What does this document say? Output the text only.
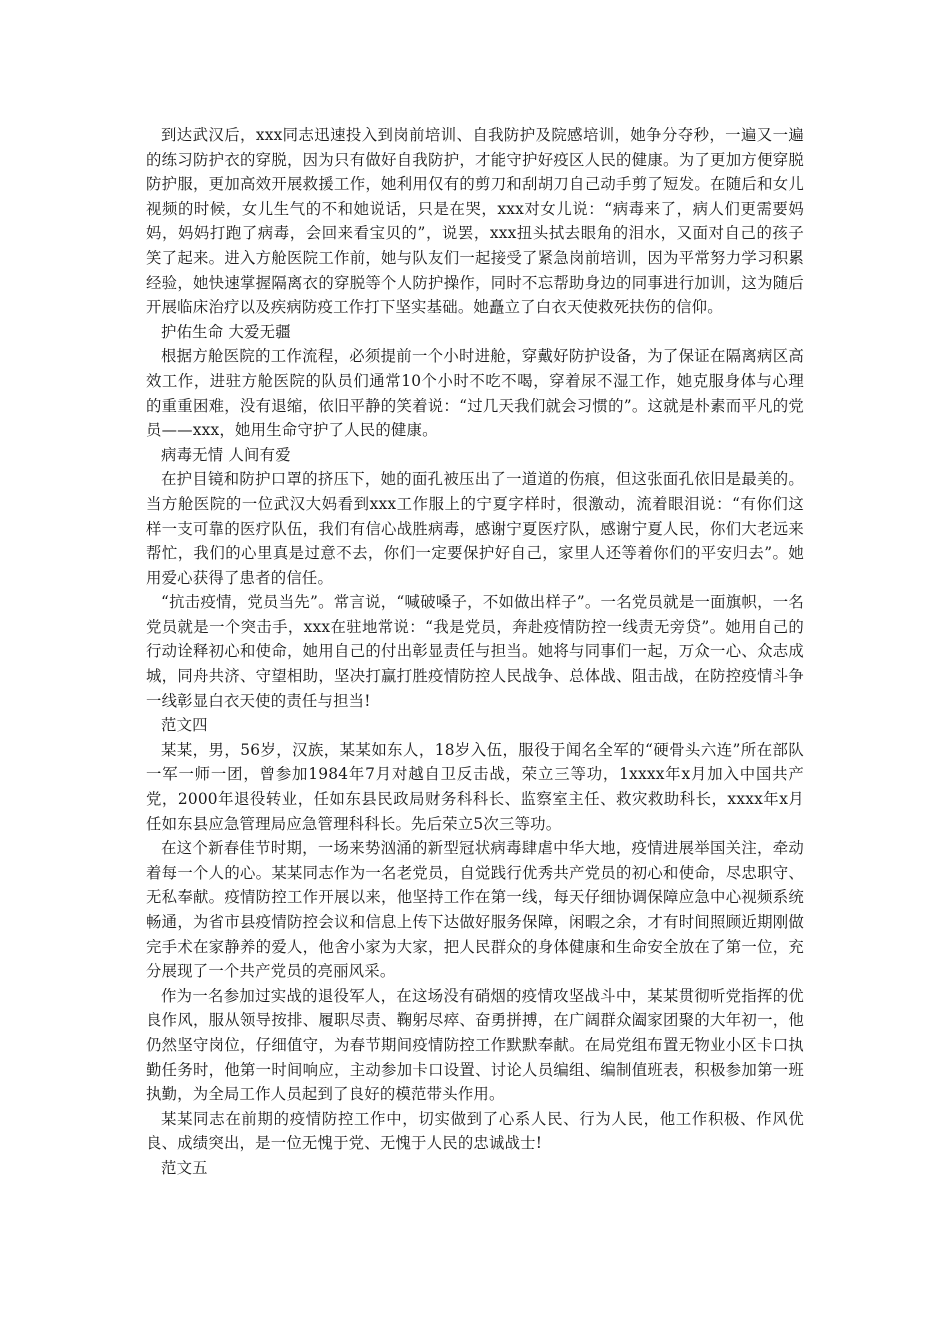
到达武汉后，xxx同志迅速投入到岗前培训、自我防护及院感培训，她争分夺秒，一遍又一遍的练习防护衣的穿脱，因为只有做好自我防护，才能守护好疫区人民的健康。为了更加方便穿脱防护服，更加高效开展救援工作，她利用仅有的剪刀和刮胡刀自己动手剪了短发。在随后和女儿视频的时候，女儿生气的不和她说话，只是在哭，xxx对女儿说：“病毒来了，病人们更需要妈妈，妈妈打跑了病毒，会回来看宝贝的”，说罢，xxx扭头拭去眼角的泪水，又面对自己的孩子笑了起来。进入方舱医院工作前，她与队友们一起接受了紧急岗前培训，因为平常努力学习积累经验，她快速掌握隔离衣的穿脱等个人防护操作，同时不忘帮助身边的同事进行加训，这为随后开展临床治疗以及疾病防疫工作打下坚实基础。她矗立了白衣天使救死扶伤的信仰。

护佑生命 大爱无疆

根据方舱医院的工作流程，必须提前一个小时进舱，穿戴好防护设备，为了保证在隔离病区高效工作，进驻方舱医院的队员们通常10个小时不吃不喝，穿着尿不湿工作，她克服身体与心理的重重困难，没有退缩，依旧平静的笑着说：“过几天我们就会习惯的”。这就是朴素而平凡的党员——xxx，她用生命守护了人民的健康。

病毒无情 人间有爱

在护目镜和防护口罩的挤压下，她的面孔被压出了一道道的伤痕，但这张面孔依旧是最美的。当方舱医院的一位武汉大妈看到xxx工作服上的宁夏字样时，很激动，流着眼泪说：“有你们这样一支可靠的医疗队伍，我们有信心战胜病毒，感谢宁夏医疗队，感谢宁夏人民，你们大老远来帮忙，我们的心里真是过意不去，你们一定要保护好自己，家里人还等着你们的平安归去”。她用爱心获得了患者的信任。

“抗击疫情，党员当先”。常言说，“喊破嗓子，不如做出样子”。一名党员就是一面旗帜，一名党员就是一个突击手，xxx在驻地常说：“我是党员，奔赴疫情防控一线责无旁贷”。她用自己的行动诠释初心和使命，她用自己的付出彰显责任与担当。她将与同事们一起，万众一心、众志成城，同舟共济、守望相助，坚决打赢打胜疫情防控人民战争、总体战、阻击战，在防控疫情斗争一线彰显白衣天使的责任与担当!

范文四

某某，男，56岁，汉族，某某如东人，18岁入伍，服役于闻名全军的“硬骨头六连”所在部队一军一师一团，曾参加1984年7月对越自卫反击战，荣立三等功，1xxxx年x月加入中国共产党，2000年退役转业，任如东县民政局财务科科长、监察室主任、救灾救助科长，xxxx年x月任如东县应急管理局应急管理科科长。先后荣立5次三等功。

在这个新春佳节时期，一场来势汹涌的新型冠状病毒肆虐中华大地，疫情进展举国关注，牵动着每一个人的心。某某同志作为一名老党员，自觉践行优秀共产党员的初心和使命，尽忠职守、无私奉献。疫情防控工作开展以来，他坚持工作在第一线，每天仔细协调保障应急中心视频系统畅通，为省市县疫情防控会议和信息上传下达做好服务保障，闲暇之余，才有时间照顾近期刚做完手术在家静养的爱人，他舍小家为大家，把人民群众的身体健康和生命安全放在了第一位，充分展现了一个共产党员的亮丽风采。

作为一名参加过实战的退役军人，在这场没有硝烟的疫情攻坚战斗中，某某贯彻听党指挥的优良作风，服从领导按排、履职尽责、鞠躬尽瘁、奋勇拼搏，在广阔群众阖家团聚的大年初一，他仍然坚守岗位，仔细值守，为春节期间疫情防控工作默默奉献。在局党组布置无物业小区卡口执勤任务时，他第一时间响应，主动参加卡口设置、讨论人员编组、编制值班表，积极参加第一班执勤，为全局工作人员起到了良好的模范带头作用。

某某同志在前期的疫情防控工作中，切实做到了心系人民、行为人民，他工作积极、作风优良、成绩突出，是一位无愧于党、无愧于人民的忠诚战士!

范文五
